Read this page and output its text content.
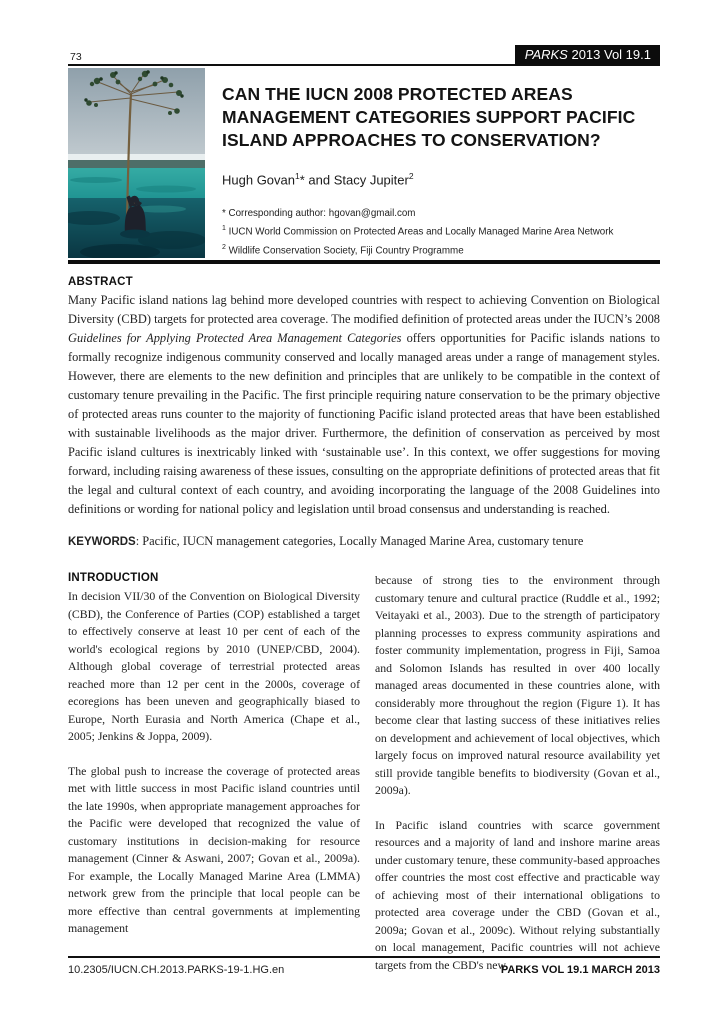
73	PARKS 2013 Vol 19.1
CAN THE IUCN 2008 PROTECTED AREAS MANAGEMENT CATEGORIES SUPPORT PACIFIC ISLAND APPROACHES TO CONSERVATION?
Hugh Govan$^1$* and Stacy Jupiter$^2$
* Corresponding author: hgovan@gmail.com
$^1$ IUCN World Commission on Protected Areas and Locally Managed Marine Area Network
$^2$ Wildlife Conservation Society, Fiji Country Programme
ABSTRACT

Many Pacific island nations lag behind more developed countries with respect to achieving Convention on Biological Diversity (CBD) targets for protected area coverage. The modified definition of protected areas under the IUCN’s 2008 Guidelines for Applying Protected Area Management Categories offers opportunities for Pacific islands nations to formally recognize indigenous community conserved and locally managed areas under a range of management styles. However, there are elements to the new definition and principles that are unlikely to be compatible in the context of customary tenure prevailing in the Pacific. The first principle requiring nature conservation to be the primary objective of protected areas runs counter to the majority of functioning Pacific island protected areas that have been established with sustainable livelihoods as the major driver. Furthermore, the definition of conservation as perceived by most Pacific island cultures is inextricably linked with ‘sustainable use’. In this context, we offer suggestions for moving forward, including raising awareness of these issues, consulting on the appropriate definitions of protected areas that fit the legal and cultural context of each country, and avoiding incorporating the language of the 2008 Guidelines into definitions or wording for national policy and legislation until broad consensus and understanding is reached.

KEYWORDS: Pacific, IUCN management categories, Locally Managed Marine Area, customary tenure
INTRODUCTION

In decision VII/30 of the Convention on Biological Diversity (CBD), the Conference of Parties (COP) established a target to effectively conserve at least 10 per cent of each of the world's ecological regions by 2010 (UNEP/CBD, 2004). Although global coverage of terrestrial protected areas reached more than 12 per cent in the 2000s, coverage of ecoregions has been uneven and geographically biased to Europe, North Eurasia and North America (Chape et al., 2005; Jenkins & Joppa, 2009).

The global push to increase the coverage of protected areas met with little success in most Pacific island countries until the late 1990s, when appropriate management approaches for the Pacific were developed that recognized the value of customary institutions in decision-making for resource management (Cinner & Aswani, 2007; Govan et al., 2009a). For example, the Locally Managed Marine Area (LMMA) network grew from the principle that local people can be more effective than central governments at implementing management

because of strong ties to the environment through customary tenure and cultural practice (Ruddle et al., 1992; Veitayaki et al., 2003). Due to the strength of participatory planning processes to express community aspirations and foster community implementation, progress in Fiji, Samoa and Solomon Islands has resulted in over 400 locally managed areas documented in these countries alone, with considerably more throughout the region (Figure 1). It has become clear that lasting success of these initiatives relies on development and achievement of local objectives, which largely focus on improved natural resource availability yet still provide tangible benefits to biodiversity (Govan et al., 2009a).

In Pacific island countries with scarce government resources and a majority of land and inshore marine areas under customary tenure, these community-based approaches offer countries the most cost effective and practicable way of achieving most of their international obligations to protected area coverage under the CBD (Govan et al., 2009a; Govan et al., 2009c). Without relying substantially on local management, Pacific countries will not achieve targets from the CBD's new

10.2305/IUCN.CH.2013.PARKS-19-1.HG.en	PARKS VOL 19.1 MARCH 2013
